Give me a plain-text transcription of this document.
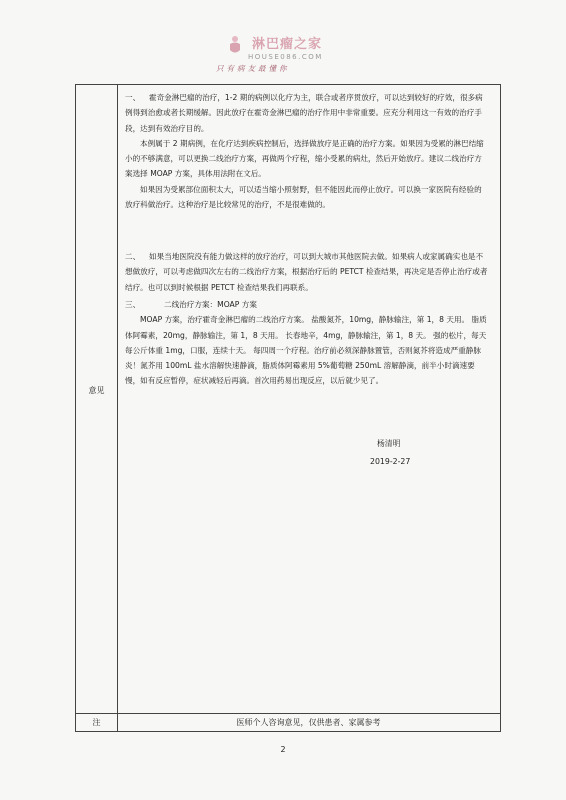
淋巴瘤之家
HOUSE086.COM
只有病友最懂你
意见
注	医师个人咨询意见，仅供患者、家属参考

一、 霍奇金淋巴瘤的治疗，1-2 期的病例以化疗为主，联合或者序贯放疗，可以达到较好的疗效，很多病例得到治愈或者长期缓解。因此放疗在霍奇金淋巴瘤的治疗作用中非常重要。应充分利用这一有效的治疗手段，达到有效治疗目的。

本例属于 2 期病例，在化疗达到疾病控制后，选择做放疗是正确的治疗方案。如果因为受累的淋巴结缩小的不够满意，可以更换二线治疗方案，再做两个疗程，缩小受累的病灶，然后开始放疗。建议二线治疗方案选择 MOAP 方案，具体用法附在文后。

如果因为受累部位面积太大，可以适当缩小照射野，但不能因此而停止放疗。可以换一家医院有经验的放疗科做治疗。这种治疗是比较常见的治疗，不是很难做的。

二、 如果当地医院没有能力做这样的放疗治疗，可以到大城市其他医院去做。如果病人或家属确实也是不想做放疗，可以考虑做四次左右的二线治疗方案，根据治疗后的 PETCT 检查结果，再决定是否停止治疗或者结疗。也可以到时候根据 PETCT 检查结果我们再联系。

三、	二线治疗方案：MOAP 方案

MOAP 方案，治疗霍奇金淋巴瘤的二线治疗方案。 盐酸氮芥，10mg，静脉输注，第 1，8 天用。 脂质体阿霉素，20mg，静脉输注，第 1，8 天用。 长春地辛，4mg，静脉输注，第 1，8 天。 强的松片，每天每公斤体重 1mg，口服，连续十天。 每四周一个疗程。治疗前必须深静脉置管，否则氮芥将造成严重静脉炎！氮芥用 100mL 盐水溶解快速静滴，脂质体阿霉素用 5%葡萄糖 250mL 溶解静滴，前半小时滴速要慢，如有反应暂停，症状减轻后再滴。首次用药易出现反应，以后就少见了。

杨清明
2019-2-27
2
